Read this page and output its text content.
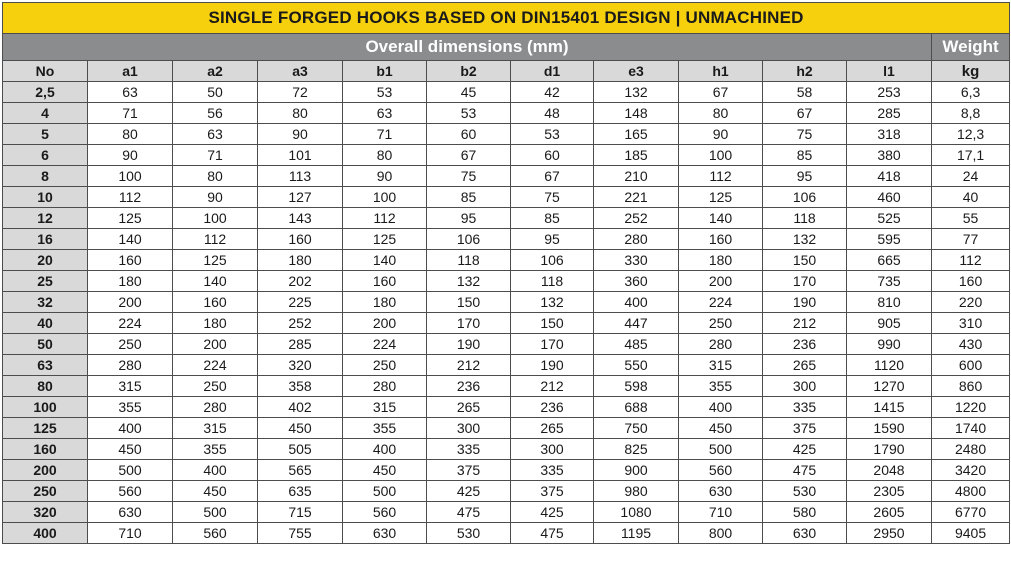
SINGLE FORGED HOOKS BASED ON DIN15401 DESIGN | UNMACHINED											
Overall dimensions (mm)											Weight
No	a1	a2	a3	b1	b2	d1	e3	h1	h2	l1	kg
2,5	63	50	72	53	45	42	132	67	58	253	6,3
4	71	56	80	63	53	48	148	80	67	285	8,8
5	80	63	90	71	60	53	165	90	75	318	12,3
6	90	71	101	80	67	60	185	100	85	380	17,1
8	100	80	113	90	75	67	210	112	95	418	24
10	112	90	127	100	85	75	221	125	106	460	40
12	125	100	143	112	95	85	252	140	118	525	55
16	140	112	160	125	106	95	280	160	132	595	77
20	160	125	180	140	118	106	330	180	150	665	112
25	180	140	202	160	132	118	360	200	170	735	160
32	200	160	225	180	150	132	400	224	190	810	220
40	224	180	252	200	170	150	447	250	212	905	310
50	250	200	285	224	190	170	485	280	236	990	430
63	280	224	320	250	212	190	550	315	265	1120	600
80	315	250	358	280	236	212	598	355	300	1270	860
100	355	280	402	315	265	236	688	400	335	1415	1220
125	400	315	450	355	300	265	750	450	375	1590	1740
160	450	355	505	400	335	300	825	500	425	1790	2480
200	500	400	565	450	375	335	900	560	475	2048	3420
250	560	450	635	500	425	375	980	630	530	2305	4800
320	630	500	715	560	475	425	1080	710	580	2605	6770
400	710	560	755	630	530	475	1195	800	630	2950	9405
